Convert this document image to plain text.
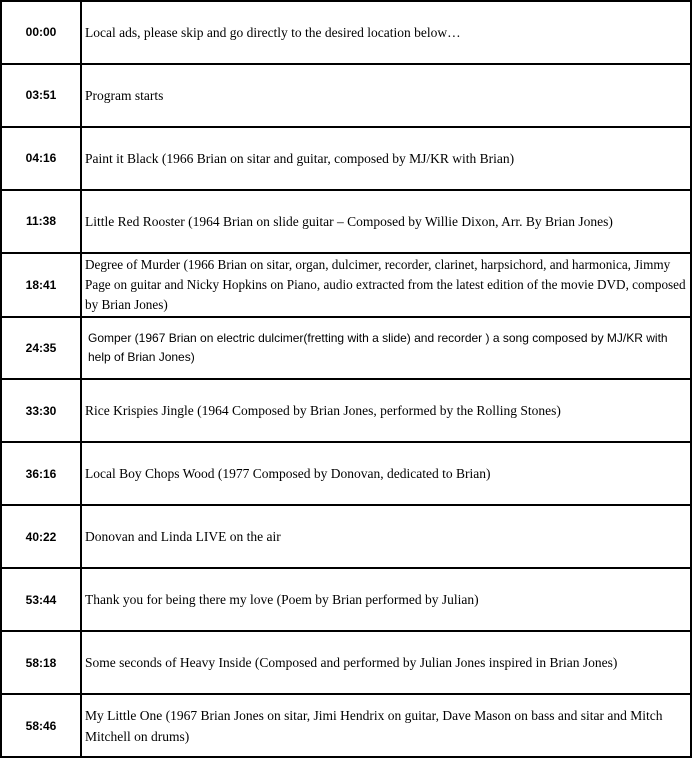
00:00	Local ads, please skip and go directly to the desired location below…
03:51	Program starts
04:16	Paint it Black (1966 Brian on sitar and guitar, composed by MJ/KR with Brian)
11:38	Little Red Rooster (1964 Brian on slide guitar – Composed by Willie Dixon, Arr. By Brian Jones)
18:41	Degree of Murder (1966 Brian on sitar, organ, dulcimer, recorder, clarinet, harpsichord, and harmonica, Jimmy Page on guitar and Nicky Hopkins on Piano, audio extracted from the latest edition of the movie DVD, composed by Brian Jones)
24:35	Gomper (1967 Brian on electric dulcimer(fretting with a slide) and recorder ) a song composed by MJ/KR with help of Brian Jones)
33:30	Rice Krispies Jingle (1964 Composed by Brian Jones, performed by the Rolling Stones)
36:16	Local Boy Chops Wood (1977 Composed by Donovan, dedicated to Brian)
40:22	Donovan and Linda LIVE on the air
53:44	Thank you for being there my love (Poem by Brian performed by Julian)
58:18	Some seconds of Heavy Inside (Composed and performed by Julian Jones inspired in Brian Jones)
58:46	My Little One (1967 Brian Jones on sitar, Jimi Hendrix on guitar, Dave Mason on bass and sitar and Mitch Mitchell on drums)
